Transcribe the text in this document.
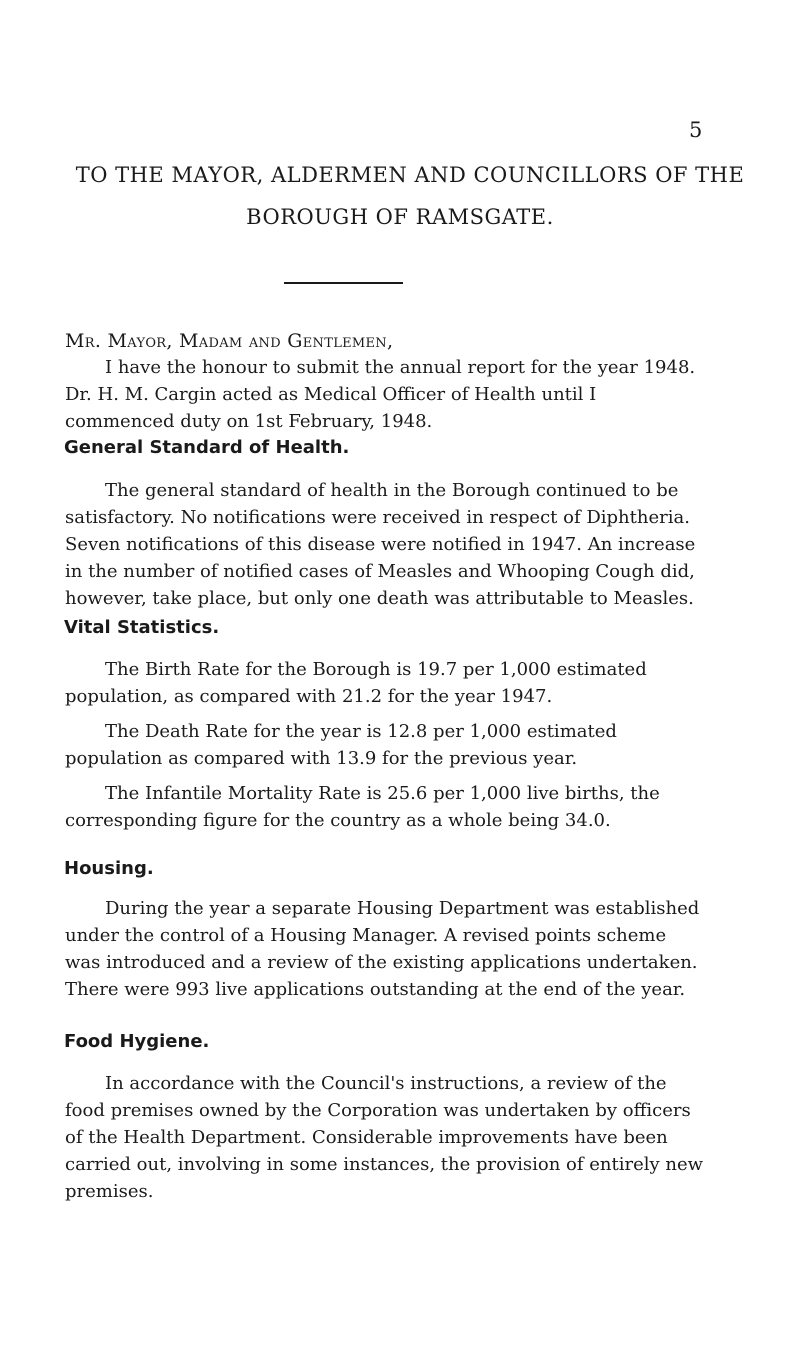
5
TO THE MAYOR, ALDERMEN AND COUNCILLORS OF THE
BOROUGH OF RAMSGATE.
Mr. Mayor, Madam and Gentlemen,

I have the honour to submit the annual report for the year 1948. Dr. H. M. Cargin acted as Medical Officer of Health until I commenced duty on 1st February, 1948.

General Standard of Health.

The general standard of health in the Borough continued to be satisfactory. No notifications were received in respect of Diphtheria. Seven notifications of this disease were notified in 1947. An increase in the number of notified cases of Measles and Whooping Cough did, however, take place, but only one death was attributable to Measles.

Vital Statistics.

The Birth Rate for the Borough is 19.7 per 1,000 estimated population, as compared with 21.2 for the year 1947.

The Death Rate for the year is 12.8 per 1,000 estimated population as compared with 13.9 for the previous year.

The Infantile Mortality Rate is 25.6 per 1,000 live births, the corresponding figure for the country as a whole being 34.0.

Housing.

During the year a separate Housing Department was established under the control of a Housing Manager. A revised points scheme was introduced and a review of the existing applications undertaken. There were 993 live applications outstanding at the end of the year.

Food Hygiene.

In accordance with the Council's instructions, a review of the food premises owned by the Corporation was undertaken by officers of the Health Department. Considerable improvements have been carried out, involving in some instances, the provision of entirely new premises.
